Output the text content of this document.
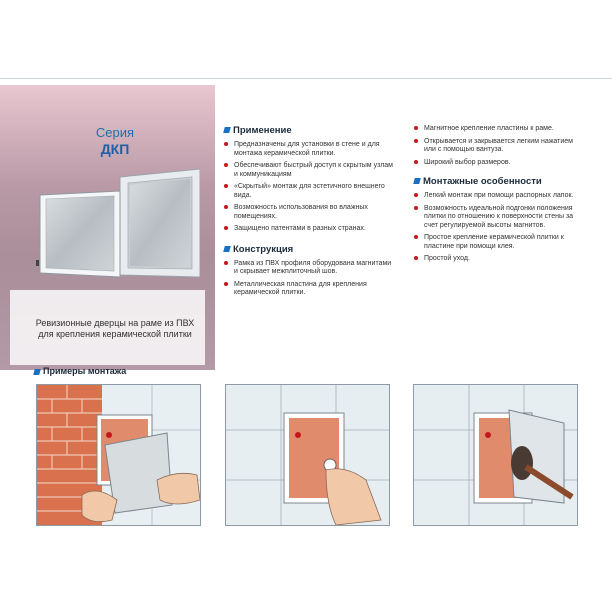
Серия
ДКП
Ревизионные дверцы на раме из ПВХ для крепления керамической плитки
Применение
Предназначены для установки в стене и для монтажа керамической плитки.
Обеспечивают быстрый доступ к скрытым узлам и коммуникациям
«Скрытый» монтаж для эстетичного внешнего вида.
Возможность использования во влажных помещениях.
Защищено патентами в разных странах.
Конструкция
Рамка из ПВХ профиля оборудована магнитами и скрывает межплиточный шов.
Металлическая пластина для крепления керамической плитки.
Магнитное крепление пластины к раме.
Открывается и закрывается легким нажатием или с помощью вантуза.
Широкий выбор размеров.
Монтажные особенности
Легкий монтаж при помощи распорных лапок.
Возможность идеальной подгонки положения плитки по отношению к поверхности стены за счет регулируемой высоты магнитов.
Простое крепление керамической плитки к пластине при помощи клея.
Простой уход.
Примеры монтажа
